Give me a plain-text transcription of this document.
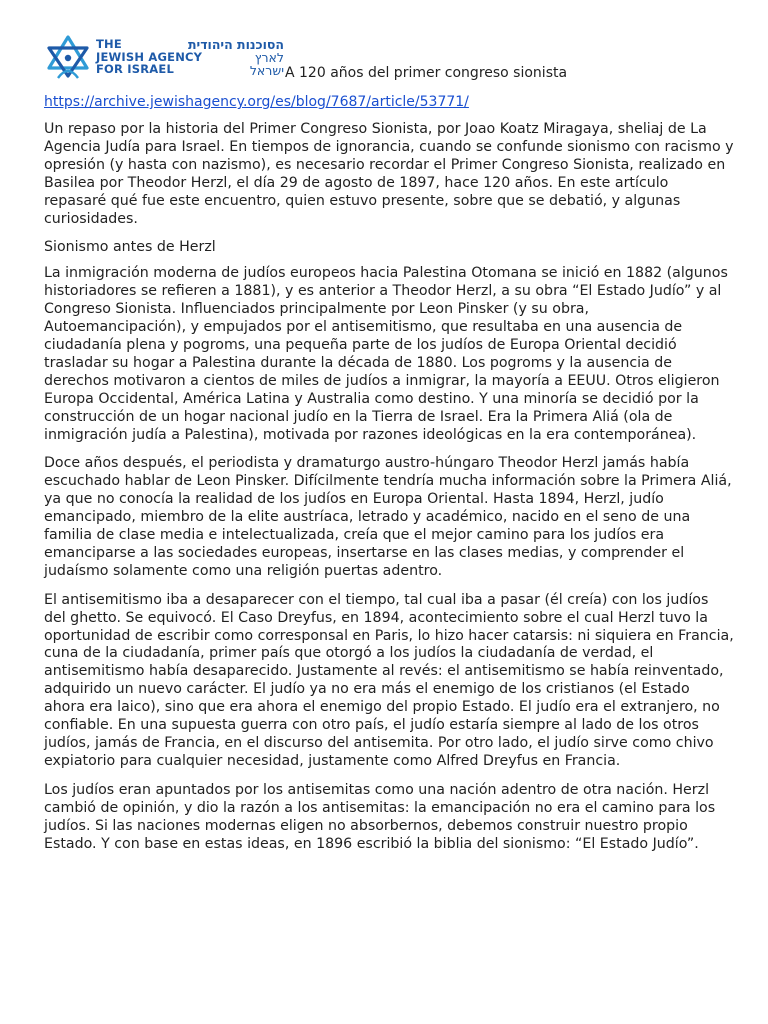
THE
JEWISH AGENCY
FOR ISRAEL
הסוכנות היהודית
לארץ
ישראל A 120 años del primer congreso sionista
https://archive.jewishagency.org/es/blog/7687/article/53771/

Un repaso por la historia del Primer Congreso Sionista, por Joao Koatz Miragaya, sheliaj de La Agencia Judía para Israel. En tiempos de ignorancia, cuando se confunde sionismo con racismo y opresión (y hasta con nazismo), es necesario recordar el Primer Congreso Sionista, realizado en Basilea por Theodor Herzl, el día 29 de agosto de 1897, hace 120 años. En este artículo repasaré qué fue este encuentro, quien estuvo presente, sobre que se debatió, y algunas curiosidades.

Sionismo antes de Herzl

La inmigración moderna de judíos europeos hacia Palestina Otomana se inició en 1882 (algunos historiadores se refieren a 1881), y es anterior a Theodor Herzl, a su obra “El Estado Judío” y al Congreso Sionista. Influenciados principalmente por Leon Pinsker (y su obra, Autoemancipación), y empujados por el antisemitismo, que resultaba en una ausencia de ciudadanía plena y pogroms, una pequeña parte de los judíos de Europa Oriental decidió trasladar su hogar a Palestina durante la década de 1880. Los pogroms y la ausencia de derechos motivaron a cientos de miles de judíos a inmigrar, la mayoría a EEUU. Otros eligieron Europa Occidental, América Latina y Australia como destino. Y una minoría se decidió por la construcción de un hogar nacional judío en la Tierra de Israel. Era la Primera Aliá (ola de inmigración judía a Palestina), motivada por razones ideológicas en la era contemporánea).

Doce años después, el periodista y dramaturgo austro-húngaro Theodor Herzl jamás había escuchado hablar de Leon Pinsker. Difícilmente tendría mucha información sobre la Primera Aliá, ya que no conocía la realidad de los judíos en Europa Oriental. Hasta 1894, Herzl, judío emancipado, miembro de la elite austríaca, letrado y académico, nacido en el seno de una familia de clase media e intelectualizada, creía que el mejor camino para los judíos era emanciparse a las sociedades europeas, insertarse en las clases medias, y comprender el judaísmo solamente como una religión puertas adentro.

El antisemitismo iba a desaparecer con el tiempo, tal cual iba a pasar (él creía) con los judíos del ghetto. Se equivocó. El Caso Dreyfus, en 1894, acontecimiento sobre el cual Herzl tuvo la oportunidad de escribir como corresponsal en Paris, lo hizo hacer catarsis: ni siquiera en Francia, cuna de la ciudadanía, primer país que otorgó a los judíos la ciudadanía de verdad, el antisemitismo había desaparecido. Justamente al revés: el antisemitismo se había reinventado, adquirido un nuevo carácter. El judío ya no era más el enemigo de los cristianos (el Estado ahora era laico), sino que era ahora el enemigo del propio Estado. El judío era el extranjero, no confiable. En una supuesta guerra con otro país, el judío estaría siempre al lado de los otros judíos, jamás de Francia, en el discurso del antisemita. Por otro lado, el judío sirve como chivo expiatorio para cualquier necesidad, justamente como Alfred Dreyfus en Francia.

Los judíos eran apuntados por los antisemitas como una nación adentro de otra nación. Herzl cambió de opinión, y dio la razón a los antisemitas: la emancipación no era el camino para los judíos. Si las naciones modernas eligen no absorbernos, debemos construir nuestro propio Estado. Y con base en estas ideas, en 1896 escribió la biblia del sionismo: “El Estado Judío”.
